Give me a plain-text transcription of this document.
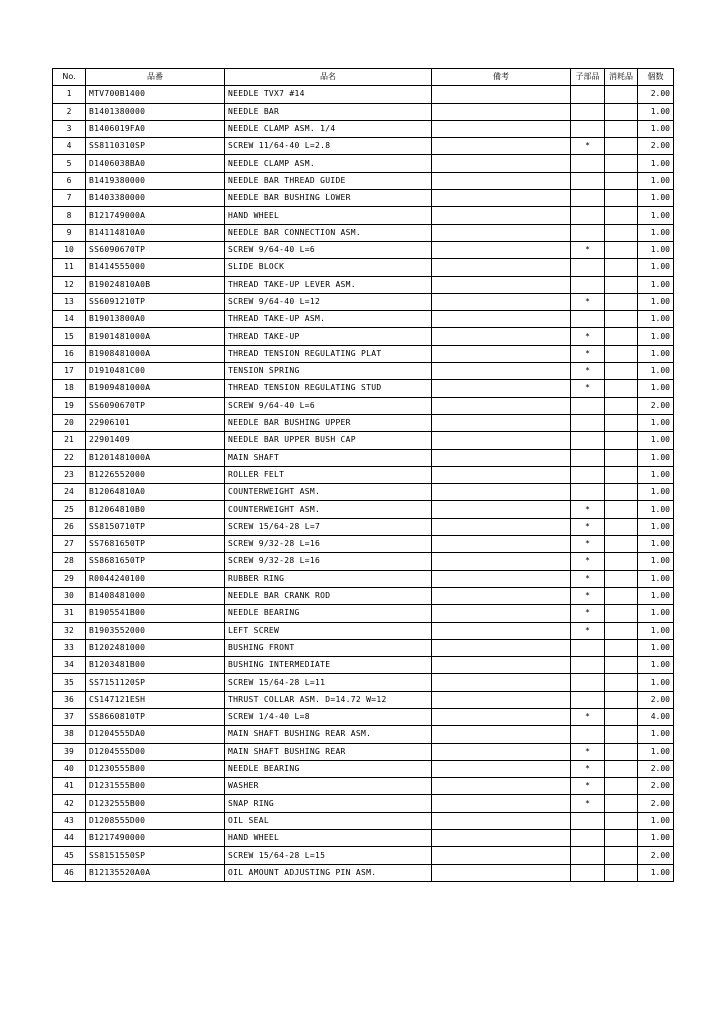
No.	品番	品名	備考	子部品	消耗品	個数
1	MTV700B1400	NEEDLE TVX7 #14				2.00
2	B1401380000	NEEDLE BAR				1.00
3	B1406019FA0	NEEDLE CLAMP ASM. 1/4				1.00
4	SS8110310SP	SCREW 11/64-40 L=2.8		*		2.00
5	D1406038BA0	NEEDLE CLAMP ASM.				1.00
6	B1419380000	NEEDLE BAR THREAD GUIDE				1.00
7	B1403380000	NEEDLE BAR BUSHING LOWER				1.00
8	B121749000A	HAND WHEEL				1.00
9	B14114810A0	NEEDLE BAR CONNECTION ASM.				1.00
10	SS6090670TP	SCREW 9/64-40 L=6		*		1.00
11	B1414555000	SLIDE BLOCK				1.00
12	B19024810A0B	THREAD TAKE-UP LEVER ASM.				1.00
13	SS6091210TP	SCREW 9/64-40 L=12		*		1.00
14	B19013800A0	THREAD TAKE-UP ASM.				1.00
15	B1901481000A	THREAD TAKE-UP		*		1.00
16	B1908481000A	THREAD TENSION REGULATING PLAT		*		1.00
17	D1910481C00	TENSION SPRING		*		1.00
18	B1909481000A	THREAD TENSION REGULATING STUD		*		1.00
19	SS6090670TP	SCREW 9/64-40 L=6				2.00
20	22906101	NEEDLE BAR BUSHING UPPER				1.00
21	22901409	NEEDLE BAR UPPER BUSH CAP				1.00
22	B1201481000A	MAIN SHAFT				1.00
23	B1226552000	ROLLER FELT				1.00
24	B12064810A0	COUNTERWEIGHT ASM.				1.00
25	B12064810B0	COUNTERWEIGHT ASM.		*		1.00
26	SS8150710TP	SCREW 15/64-28 L=7		*		1.00
27	SS7681650TP	SCREW 9/32-28 L=16		*		1.00
28	SS8681650TP	SCREW 9/32-28 L=16		*		1.00
29	R0044240100	RUBBER RING		*		1.00
30	B1408481000	NEEDLE BAR CRANK ROD		*		1.00
31	B1905541B00	NEEDLE BEARING		*		1.00
32	B1903552000	LEFT SCREW		*		1.00
33	B1202481000	BUSHING FRONT				1.00
34	B1203481B00	BUSHING INTERMEDIATE				1.00
35	SS7151120SP	SCREW 15/64-28 L=11				1.00
36	CS147121ESH	THRUST COLLAR ASM. D=14.72 W=12				2.00
37	SS8660810TP	SCREW 1/4-40 L=8		*		4.00
38	D1204555DA0	MAIN SHAFT BUSHING REAR ASM.				1.00
39	D1204555D00	MAIN SHAFT BUSHING REAR		*		1.00
40	D1230555B00	NEEDLE BEARING		*		2.00
41	D1231555B00	WASHER		*		2.00
42	D1232555B00	SNAP RING		*		2.00
43	D1208555D00	OIL SEAL				1.00
44	B1217490000	HAND WHEEL				1.00
45	SS8151550SP	SCREW 15/64-28 L=15				2.00
46	B12135520A0A	OIL AMOUNT ADJUSTING PIN ASM.				1.00
